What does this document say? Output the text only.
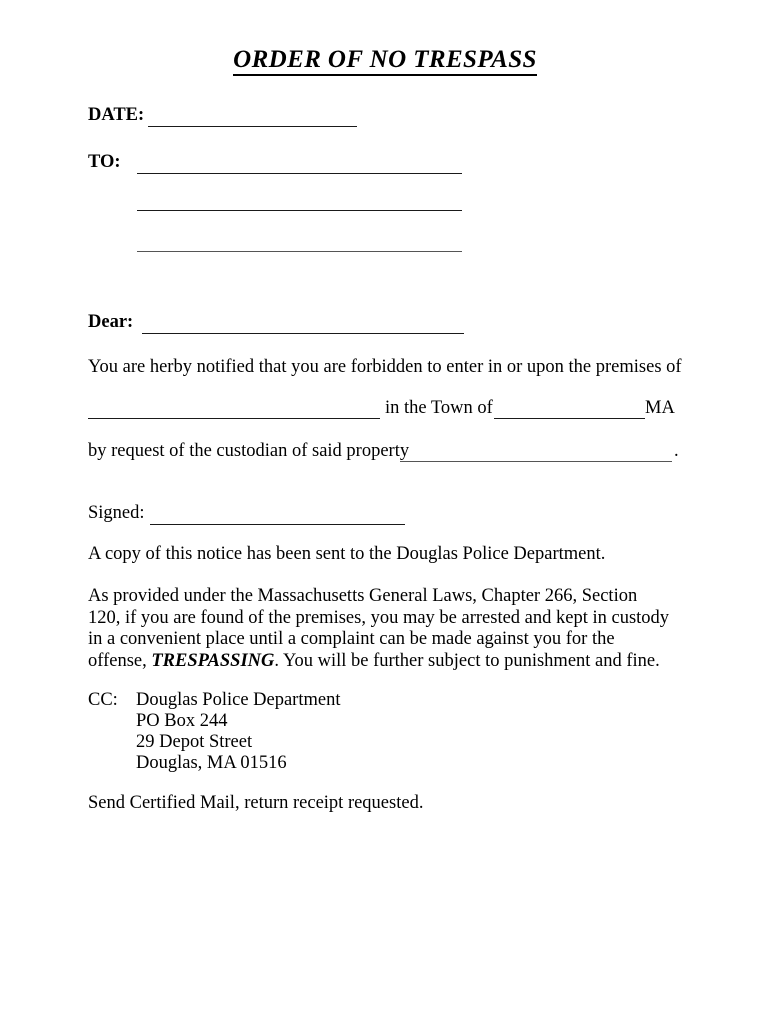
ORDER OF NO TRESPASS
DATE:
TO:
Dear:
You are herby notified that you are forbidden to enter in or upon the premises of
in the Town of	MA
by request of the custodian of said property	.
Signed:
A copy of this notice has been sent to the Douglas Police Department.
As provided under the Massachusetts General Laws, Chapter 266, Section 120, if you are found of the premises, you may be arrested and kept in custody in a convenient place until a complaint can be made against you for the offense, TRESPASSING. You will be further subject to punishment and fine.
CC: Douglas Police Department
PO Box 244
29 Depot Street
Douglas, MA 01516
Send Certified Mail, return receipt requested.
